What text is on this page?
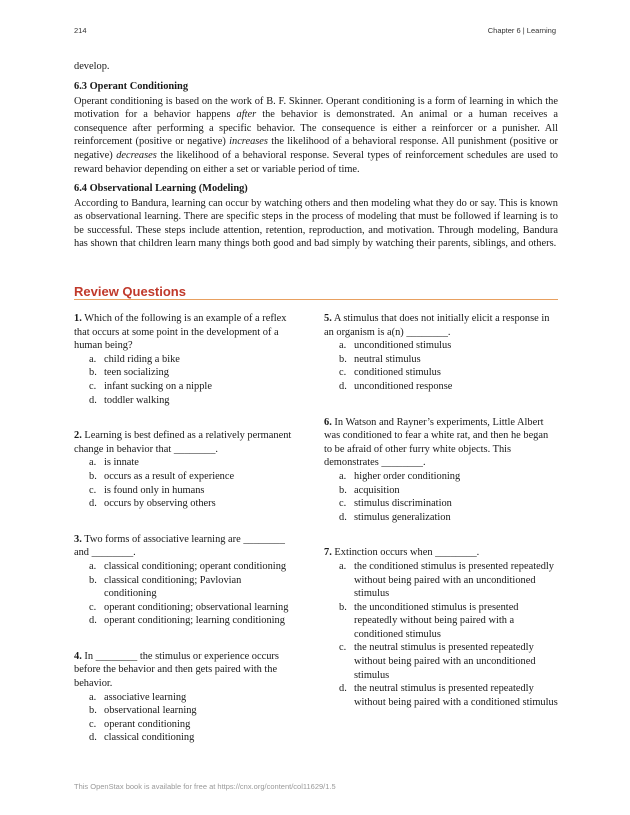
214	Chapter 6 | Learning
develop.

6.3 Operant Conditioning

Operant conditioning is based on the work of B. F. Skinner. Operant conditioning is a form of learning in which the motivation for a behavior happens after the behavior is demonstrated. An animal or a human receives a consequence after performing a specific behavior. The consequence is either a reinforcer or a punisher. All reinforcement (positive or negative) increases the likelihood of a behavioral response. All punishment (positive or negative) decreases the likelihood of a behavioral response. Several types of reinforcement schedules are used to reward behavior depending on either a set or variable period of time.

6.4 Observational Learning (Modeling)

According to Bandura, learning can occur by watching others and then modeling what they do or say. This is known as observational learning. There are specific steps in the process of modeling that must be followed if learning is to be successful. These steps include attention, retention, reproduction, and motivation. Through modeling, Bandura has shown that children learn many things both good and bad simply by watching their parents, siblings, and others.

Review Questions

1. Which of the following is an example of a reflex that occurs at some point in the development of a human being?

a. child riding a bike
b. teen socializing
c. infant sucking on a nipple
d. toddler walking

2. Learning is best defined as a relatively permanent change in behavior that ________.

a. is innate
b. occurs as a result of experience
c. is found only in humans
d. occurs by observing others

3. Two forms of associative learning are ________ and ________.

a. classical conditioning; operant conditioning
b. classical conditioning; Pavlovian conditioning
c. operant conditioning; observational learning
d. operant conditioning; learning conditioning

4. In ________ the stimulus or experience occurs before the behavior and then gets paired with the behavior.

a. associative learning
b. observational learning
c. operant conditioning
d. classical conditioning

5. A stimulus that does not initially elicit a response in an organism is a(n) ________.

a. unconditioned stimulus
b. neutral stimulus
c. conditioned stimulus
d. unconditioned response

6. In Watson and Rayner’s experiments, Little Albert was conditioned to fear a white rat, and then he began to be afraid of other furry white objects. This demonstrates ________.

a. higher order conditioning
b. acquisition
c. stimulus discrimination
d. stimulus generalization

7. Extinction occurs when ________.

a. the conditioned stimulus is presented repeatedly without being paired with an unconditioned stimulus
b. the unconditioned stimulus is presented repeatedly without being paired with a conditioned stimulus
c. the neutral stimulus is presented repeatedly without being paired with an unconditioned stimulus
d. the neutral stimulus is presented repeatedly without being paired with a conditioned stimulus
This OpenStax book is available for free at https://cnx.org/content/col11629/1.5
